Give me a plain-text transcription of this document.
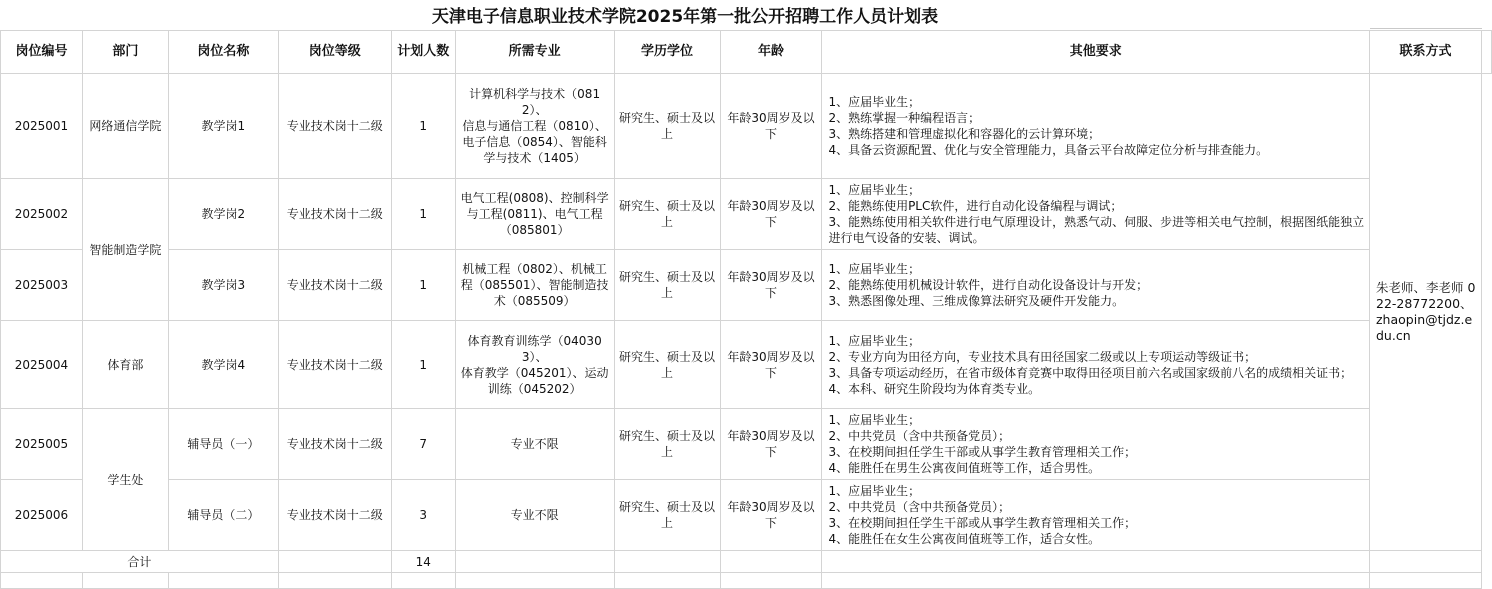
天津电子信息职业技术学院2025年第一批公开招聘工作人员计划表
岗位编号	部门	岗位名称	岗位等级	计划人数	所需专业	学历学位	年龄	其他要求	联系方式	
2025001	网络通信学院	教学岗1	专业技术岗十二级	1	计算机科学与技术（0812）、
信息与通信工程（0810）、电子信息（0854）、智能科学与技术（1405）	研究生、硕士及以上	年龄30周岁及以下	1、应届毕业生；
2、熟练掌握一种编程语言；
3、熟练搭建和管理虚拟化和容器化的云计算环境；
4、具备云资源配置、优化与安全管理能力，具备云平台故障定位分析与排查能力。	朱老师、李老师 022-28772200、zhaopin@tjdz.edu.cn	
2025002	智能制造学院	教学岗2	专业技术岗十二级	1	电气工程(0808)、控制科学与工程(0811)、电气工程（085801）	研究生、硕士及以上	年龄30周岁及以下	1、应届毕业生；
2、能熟练使用PLC软件，进行自动化设备编程与调试；
3、能熟练使用相关软件进行电气原理设计，熟悉气动、伺服、步进等相关电气控制，根据图纸能独立进行电气设备的安装、调试。		
2025003		教学岗3	专业技术岗十二级	1	机械工程（0802）、机械工程（085501）、智能制造技术（085509）	研究生、硕士及以上	年龄30周岁及以下	1、应届毕业生；
2、能熟练使用机械设计软件，进行自动化设备设计与开发；
3、熟悉图像处理、三维成像算法研究及硬件开发能力。		
2025004	体育部	教学岗4	专业技术岗十二级	1	体育教育训练学（040303）、
体育教学（045201）、运动训练（045202）	研究生、硕士及以上	年龄30周岁及以下	1、应届毕业生；
2、专业方向为田径方向，专业技术具有田径国家二级或以上专项运动等级证书；
3、具备专项运动经历，在省市级体育竞赛中取得田径项目前六名或国家级前八名的成绩相关证书；
4、本科、研究生阶段均为体育类专业。		
2025005	学生处	辅导员（一）	专业技术岗十二级	7	专业不限	研究生、硕士及以上	年龄30周岁及以下	1、应届毕业生；
2、中共党员（含中共预备党员）；
3、在校期间担任学生干部或从事学生教育管理相关工作；
4、能胜任在男生公寓夜间值班等工作，适合男性。		
2025006		辅导员（二）	专业技术岗十二级	3	专业不限	研究生、硕士及以上	年龄30周岁及以下	1、应届毕业生；
2、中共党员（含中共预备党员）；
3、在校期间担任学生干部或从事学生教育管理相关工作；
4、能胜任在女生公寓夜间值班等工作，适合女性。		
合计				14						
